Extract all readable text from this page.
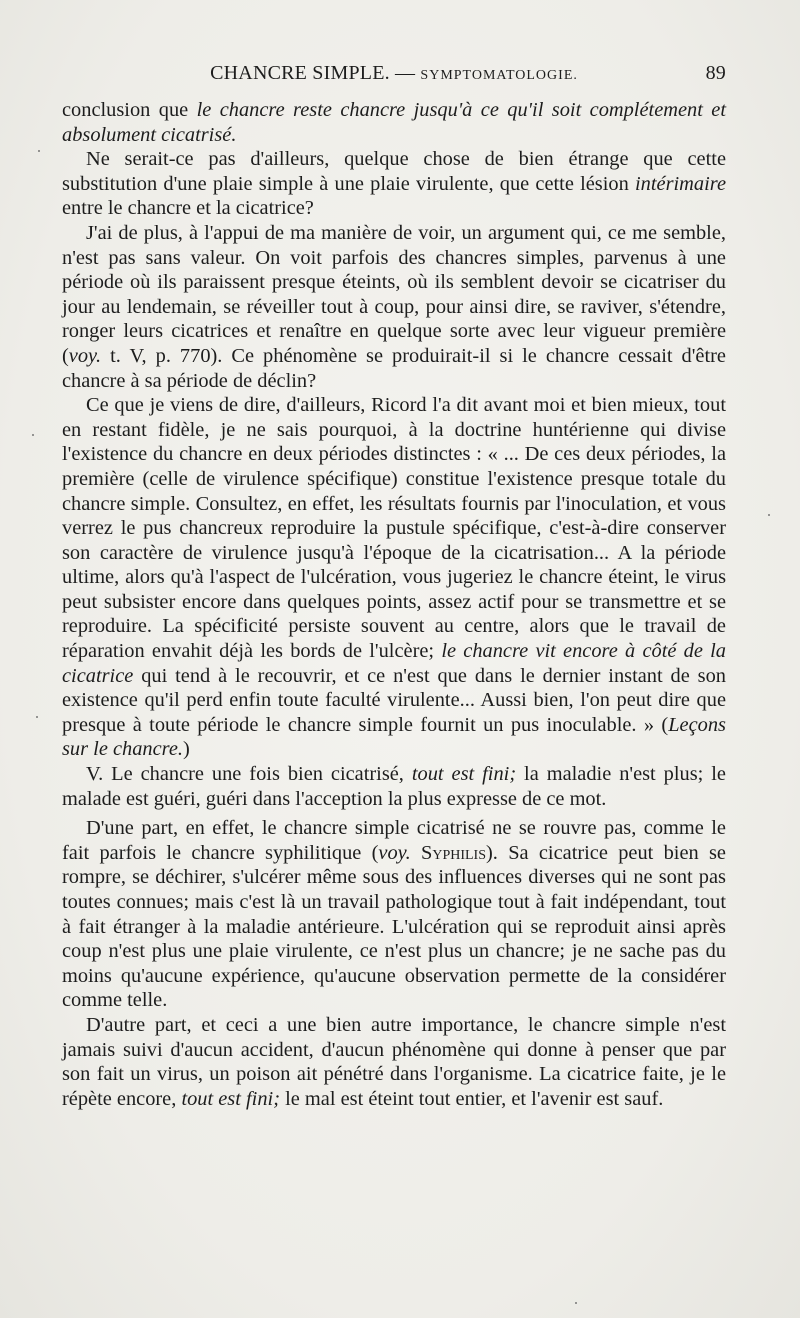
CHANCRE SIMPLE. — SYMPTOMATOLOGIE.	89

conclusion que le chancre reste chancre jusqu'à ce qu'il soit complétement et absolument cicatrisé.

Ne serait-ce pas d'ailleurs, quelque chose de bien étrange que cette substitution d'une plaie simple à une plaie virulente, que cette lésion intérimaire entre le chancre et la cicatrice?

J'ai de plus, à l'appui de ma manière de voir, un argument qui, ce me semble, n'est pas sans valeur. On voit parfois des chancres simples, parvenus à une période où ils paraissent presque éteints, où ils semblent devoir se cicatriser du jour au lendemain, se réveiller tout à coup, pour ainsi dire, se raviver, s'étendre, ronger leurs cicatrices et renaître en quelque sorte avec leur vigueur première (voy. t. V, p. 770). Ce phénomène se produirait-il si le chancre cessait d'être chancre à sa période de déclin?

Ce que je viens de dire, d'ailleurs, Ricord l'a dit avant moi et bien mieux, tout en restant fidèle, je ne sais pourquoi, à la doctrine huntérienne qui divise l'existence du chancre en deux périodes distinctes : « ... De ces deux périodes, la première (celle de virulence spécifique) constitue l'existence presque totale du chancre simple. Consultez, en effet, les résultats fournis par l'inoculation, et vous verrez le pus chancreux reproduire la pustule spécifique, c'est-à-dire conserver son caractère de virulence jusqu'à l'époque de la cicatrisation... A la période ultime, alors qu'à l'aspect de l'ulcération, vous jugeriez le chancre éteint, le virus peut subsister encore dans quelques points, assez actif pour se transmettre et se reproduire. La spécificité persiste souvent au centre, alors que le travail de réparation envahit déjà les bords de l'ulcère; le chancre vit encore à côté de la cicatrice qui tend à le recouvrir, et ce n'est que dans le dernier instant de son existence qu'il perd enfin toute faculté virulente... Aussi bien, l'on peut dire que presque à toute période le chancre simple fournit un pus inoculable. » (Leçons sur le chancre.)

V. Le chancre une fois bien cicatrisé, tout est fini; la maladie n'est plus; le malade est guéri, guéri dans l'acception la plus expresse de ce mot.

D'une part, en effet, le chancre simple cicatrisé ne se rouvre pas, comme le fait parfois le chancre syphilitique (voy. Syphilis). Sa cicatrice peut bien se rompre, se déchirer, s'ulcérer même sous des influences diverses qui ne sont pas toutes connues; mais c'est là un travail pathologique tout à fait indépendant, tout à fait étranger à la maladie antérieure. L'ulcération qui se reproduit ainsi après coup n'est plus une plaie virulente, ce n'est plus un chancre; je ne sache pas du moins qu'aucune expérience, qu'aucune observation permette de la considérer comme telle.

D'autre part, et ceci a une bien autre importance, le chancre simple n'est jamais suivi d'aucun accident, d'aucun phénomène qui donne à penser que par son fait un virus, un poison ait pénétré dans l'organisme. La cicatrice faite, je le répète encore, tout est fini; le mal est éteint tout entier, et l'avenir est sauf.
